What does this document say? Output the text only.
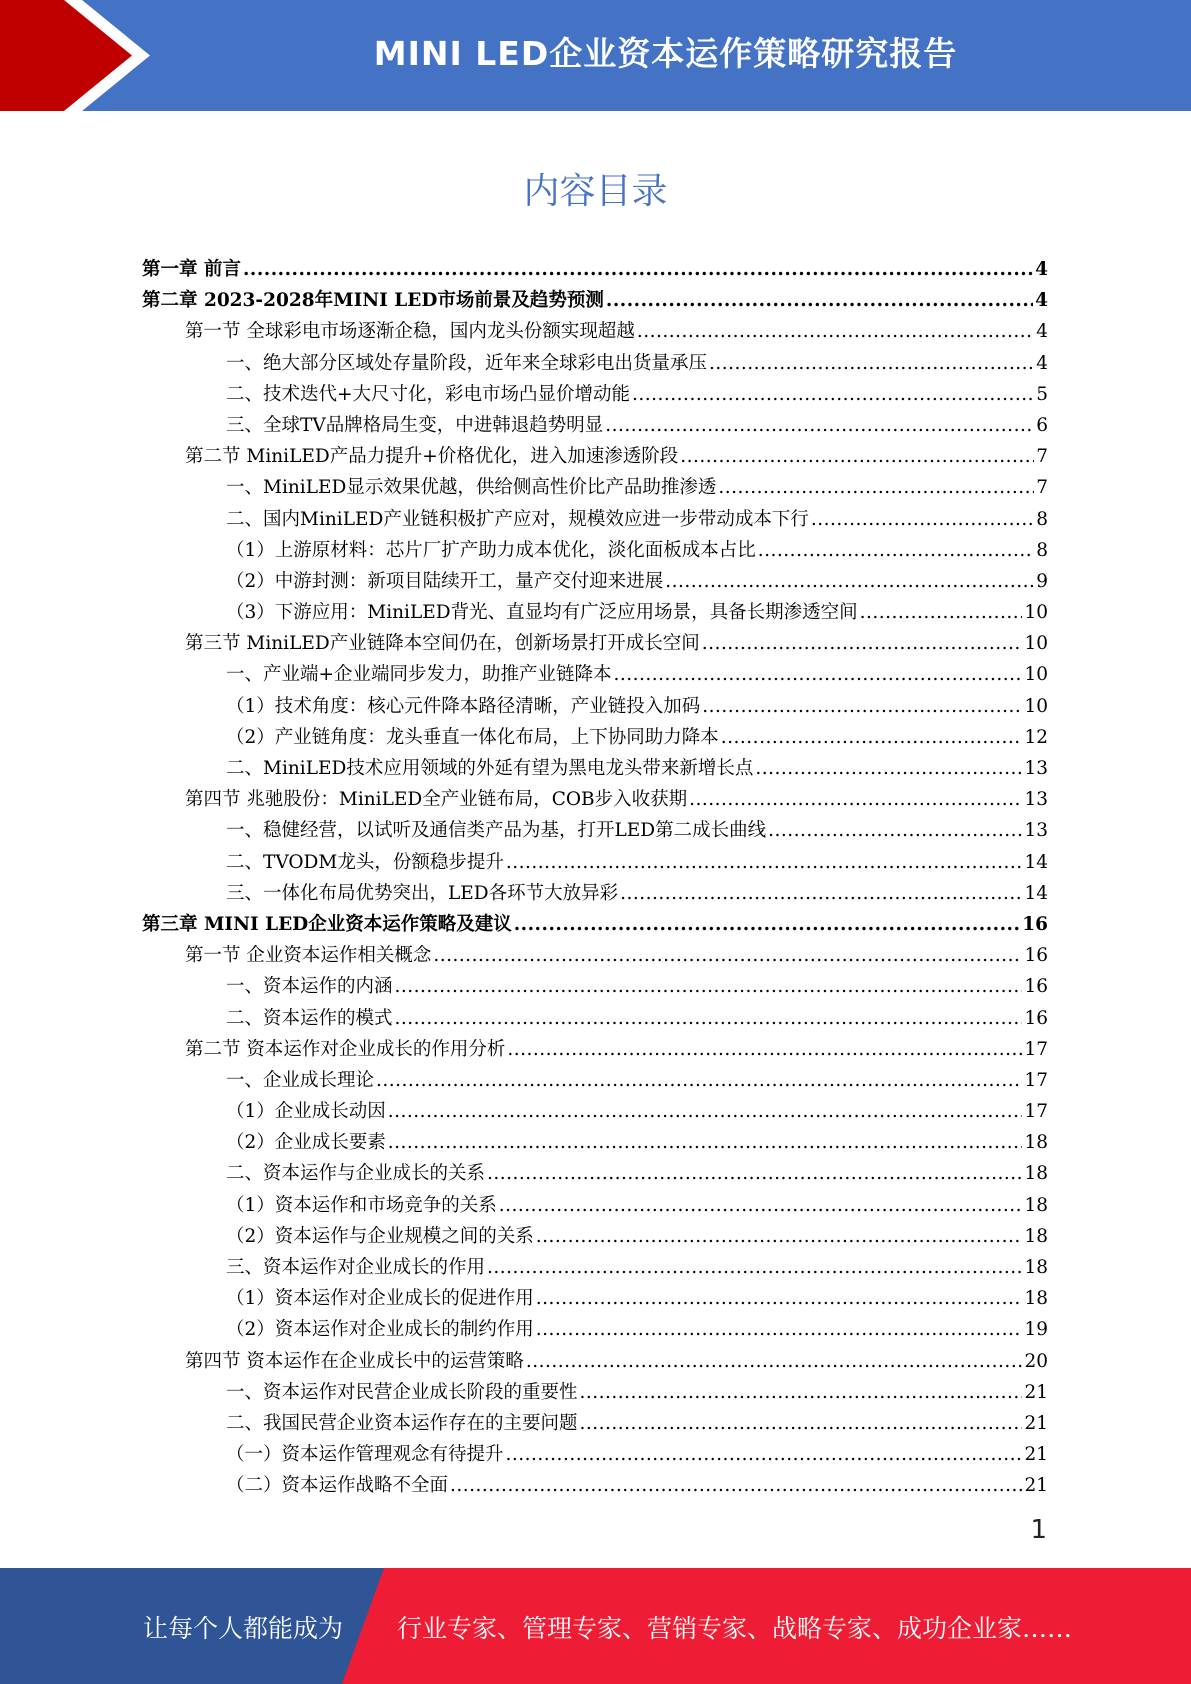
MINI LED企业资本运作策略研究报告
内容目录
第一章 前言 .....	4
第二章 2023-2028年MINI LED市场前景及趋势预测 .....	4
第一节 全球彩电市场逐渐企稳，国内龙头份额实现超越 .....	4
一、绝大部分区域处存量阶段，近年来全球彩电出货量承压 .....	4
二、技术迭代+大尺寸化，彩电市场凸显价增动能 .....	5
三、全球TV品牌格局生变，中进韩退趋势明显 .....	6
第二节 MiniLED产品力提升+价格优化，进入加速渗透阶段 .....	7
一、MiniLED显示效果优越，供给侧高性价比产品助推渗透 .....	7
二、国内MiniLED产业链积极扩产应对，规模效应进一步带动成本下行 .....	8
（1）上游原材料：芯片厂扩产助力成本优化，淡化面板成本占比 .....	8
（2）中游封测：新项目陆续开工，量产交付迎来进展 .....	9
（3）下游应用：MiniLED背光、直显均有广泛应用场景，具备长期渗透空间 .....	10
第三节 MiniLED产业链降本空间仍在，创新场景打开成长空间 .....	10
一、产业端+企业端同步发力，助推产业链降本 .....	10
（1）技术角度：核心元件降本路径清晰，产业链投入加码 .....	10
（2）产业链角度：龙头垂直一体化布局，上下协同助力降本 .....	12
二、MiniLED技术应用领域的外延有望为黑电龙头带来新增长点 .....	13
第四节 兆驰股份：MiniLED全产业链布局，COB步入收获期 .....	13
一、稳健经营，以试听及通信类产品为基，打开LED第二成长曲线 .....	13
二、TVODM龙头，份额稳步提升 .....	14
三、一体化布局优势突出，LED各环节大放异彩 .....	14
第三章 MINI LED企业资本运作策略及建议 .....	16
第一节 企业资本运作相关概念 .....	16
一、资本运作的内涵 .....	16
二、资本运作的模式 .....	16
第二节 资本运作对企业成长的作用分析 .....	17
一、企业成长理论 .....	17
（1）企业成长动因 .....	17
（2）企业成长要素 .....	18
二、资本运作与企业成长的关系 .....	18
（1）资本运作和市场竞争的关系 .....	18
（2）资本运作与企业规模之间的关系 .....	18
三、资本运作对企业成长的作用 .....	18
（1）资本运作对企业成长的促进作用 .....	18
（2）资本运作对企业成长的制约作用 .....	19
第四节 资本运作在企业成长中的运营策略 .....	20
一、资本运作对民营企业成长阶段的重要性 .....	21
二、我国民营企业资本运作存在的主要问题 .....	21
（一）资本运作管理观念有待提升 .....	21
（二）资本运作战略不全面 .....	21
1
让每个人都能成为 行业专家、管理专家、营销专家、战略专家、成功企业家……
